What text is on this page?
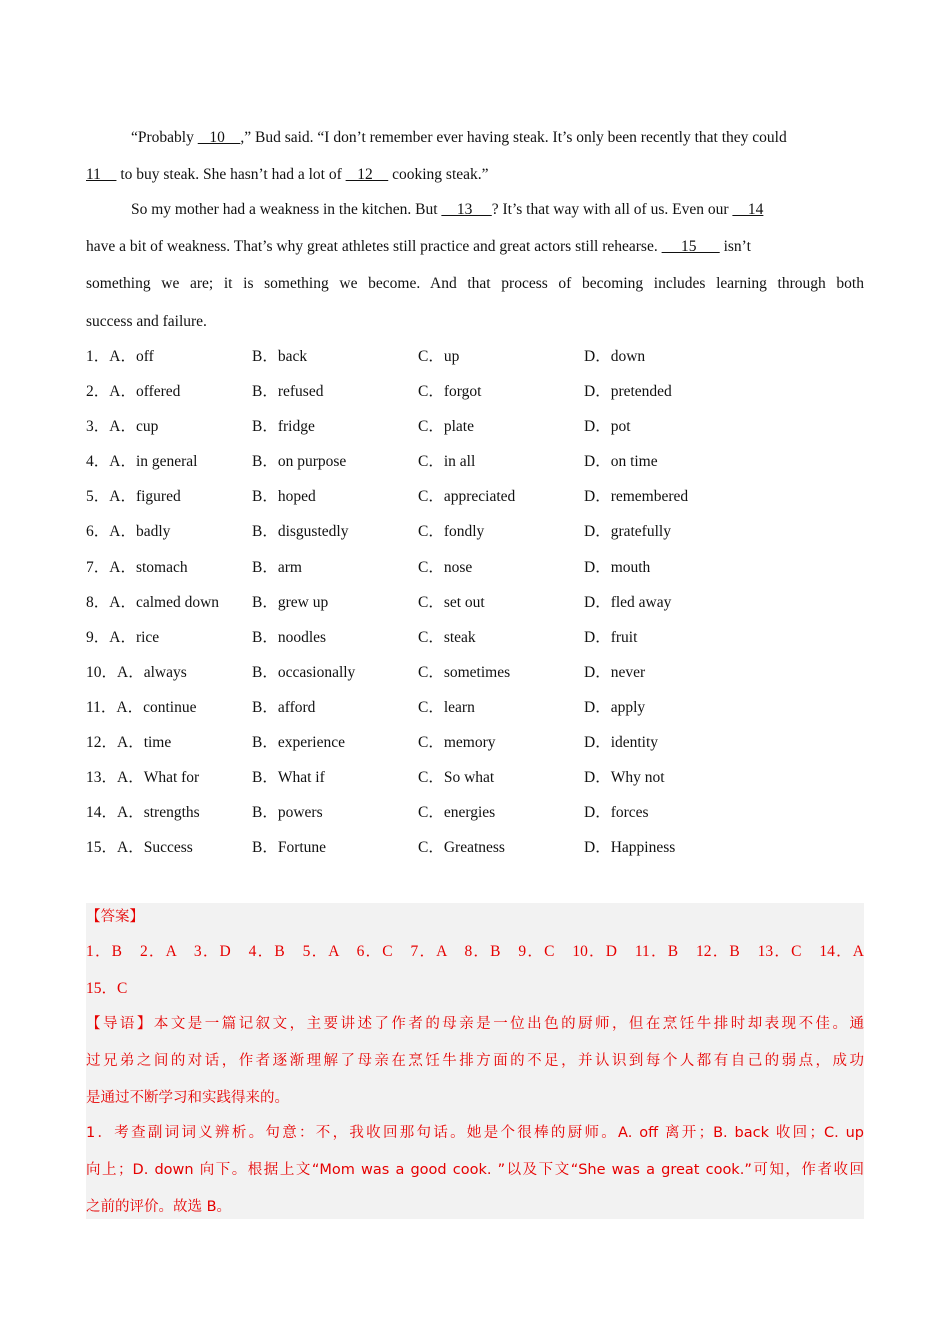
“Probably    10    ,” Bud said. “I don’t remember ever having steak. It’s only been recently that they could
11     to buy steak. She hasn’t had a lot of    12     cooking steak.”
So my mother had a weakness in the kitchen. But     13     ? It’s that way with all of us. Even our     14
have a bit of weakness. That’s why great athletes still practice and great actors still rehearse.      15       isn’t
something we are; it is something we become. And that process of becoming includes learning through both
success and failure.
1．A．off	B．back	C．up	D．down
2．A．offered	B．refused	C．forgot	D．pretended
3．A．cup	B．fridge	C．plate	D．pot
4．A．in general	B．on purpose	C．in all	D．on time
5．A．figured	B．hoped	C．appreciated	D．remembered
6．A．badly	B．disgustedly	C．fondly	D．gratefully
7．A．stomach	B．arm	C．nose	D．mouth
8．A．calmed down B．grew up	C．set out	D．fled away
9．A．rice	B．noodles	C．steak	D．fruit
10．A．always	B．occasionally	C．sometimes	D．never
11．A．continue	B．afford	C．learn	D．apply
12．A．time	B．experience	C．memory	D．identity
13．A．What for	B．What if	C．So what	D．Why not
14．A．strengths	B．powers	C．energies	D．forces
15．A．Success	B．Fortune	C．Greatness	D．Happiness
【答案】
1．B　2．A　3．D　4．B　5．A　6．C　7．A　8．B　9．C　10．D　11．B　12．B　13．C　14．A
15．C
【导语】本文是一篇记叙文，主要讲述了作者的母亲是一位出色的厨师，但在烹饪牛排时却表现不佳。通
过兄弟之间的对话，作者逐渐理解了母亲在烹饪牛排方面的不足，并认识到每个人都有自己的弱点，成功
是通过不断学习和实践得来的。
1．考查副词词义辨析。句意：不，我收回那句话。她是个很棒的厨师。A. off 离开；B. back 收回；C. up
向上；D. down 向下。根据上文“Mom was a good cook. ”以及下文“She was a great cook.”可知，作者收回
之前的评价。故选 B。
